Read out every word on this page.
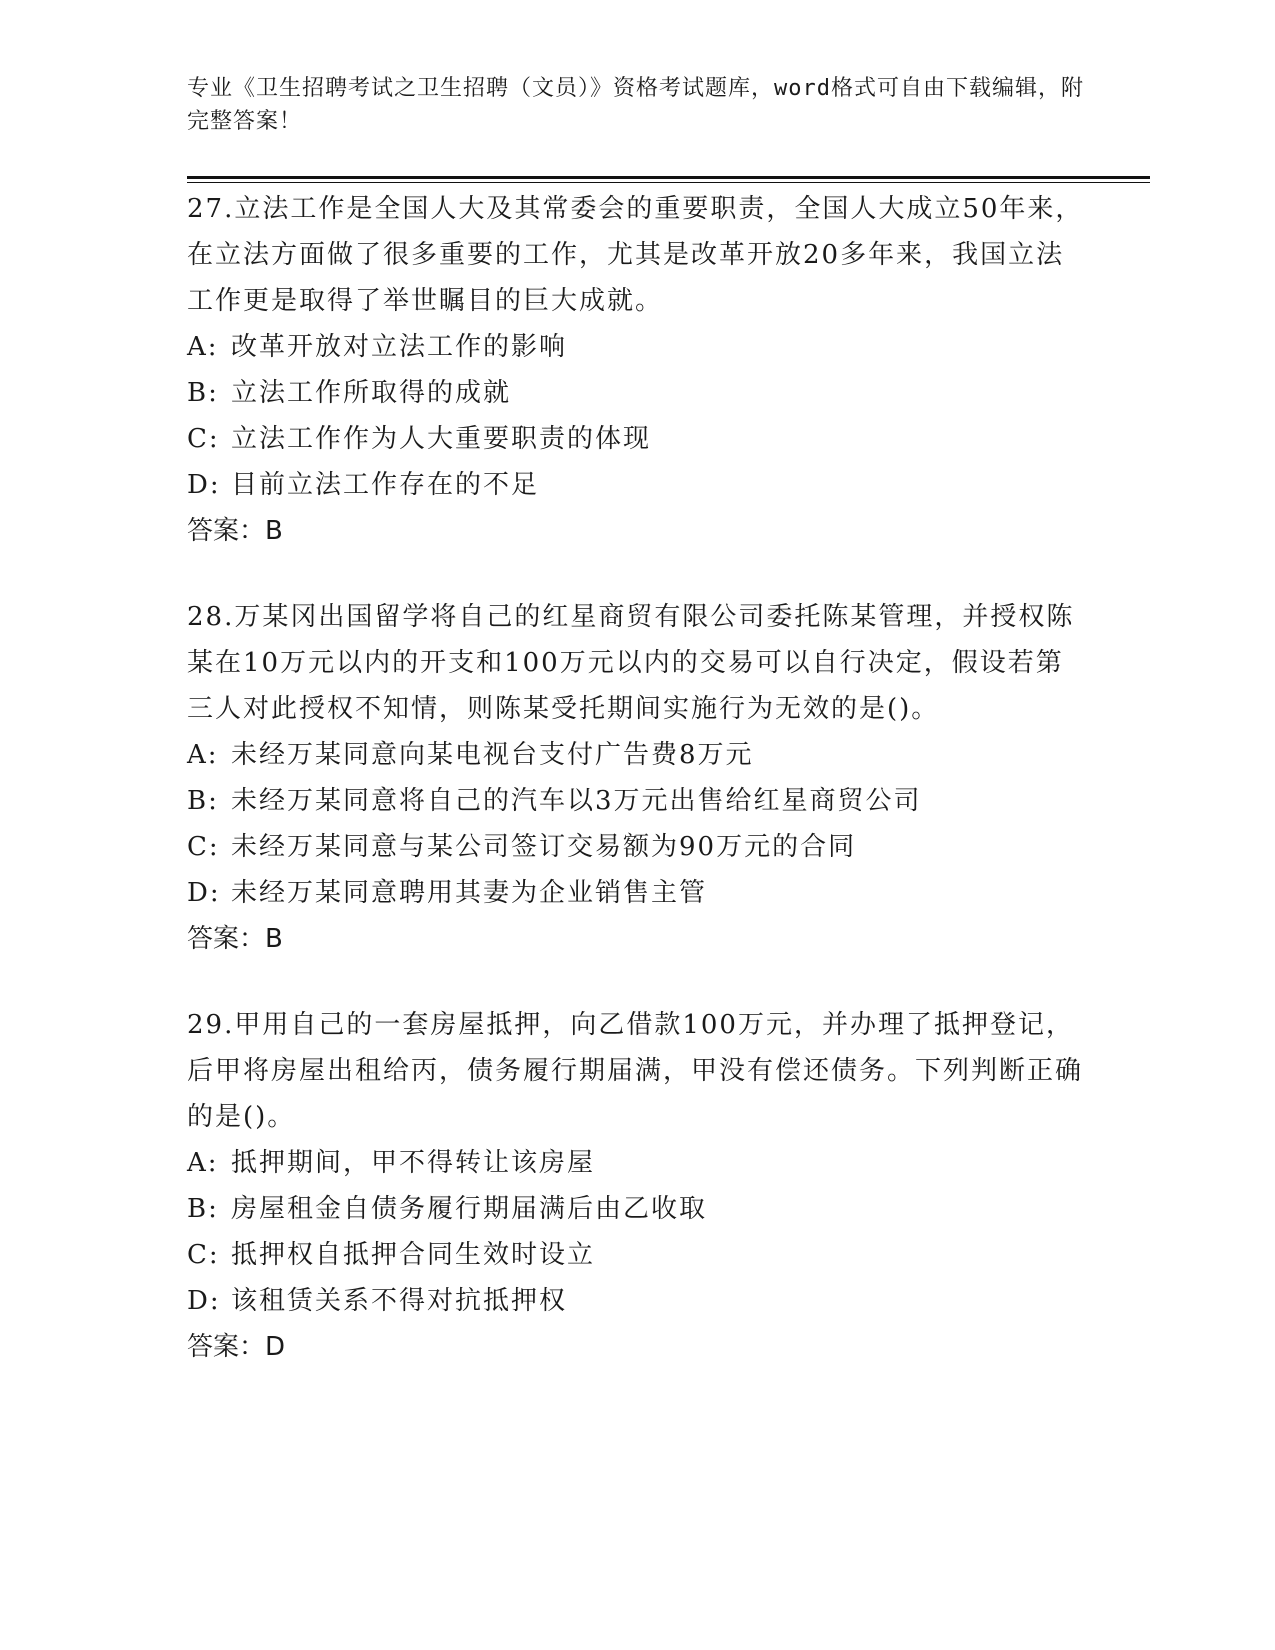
专业《卫生招聘考试之卫生招聘（文员）》资格考试题库，word格式可自由下载编辑，附完整答案！

27.立法工作是全国人大及其常委会的重要职责，全国人大成立50年来，在立法方面做了很多重要的工作，尤其是改革开放20多年来，我国立法工作更是取得了举世瞩目的巨大成就。

A: 改革开放对立法工作的影响

B: 立法工作所取得的成就

C: 立法工作作为人大重要职责的体现

D: 目前立法工作存在的不足

答案：B

28.万某冈出国留学将自己的红星商贸有限公司委托陈某管理，并授权陈某在10万元以内的开支和100万元以内的交易可以自行决定，假设若第三人对此授权不知情，则陈某受托期间实施行为无效的是()。

A: 未经万某同意向某电视台支付广告费8万元

B: 未经万某同意将自己的汽车以3万元出售给红星商贸公司

C: 未经万某同意与某公司签订交易额为90万元的合同

D: 未经万某同意聘用其妻为企业销售主管

答案：B

29.甲用自己的一套房屋抵押，向乙借款100万元，并办理了抵押登记，后甲将房屋出租给丙，债务履行期届满，甲没有偿还债务。下列判断正确的是()。

A: 抵押期间，甲不得转让该房屋

B: 房屋租金自债务履行期届满后由乙收取

C: 抵押权自抵押合同生效时设立

D: 该租赁关系不得对抗抵押权

答案：D
